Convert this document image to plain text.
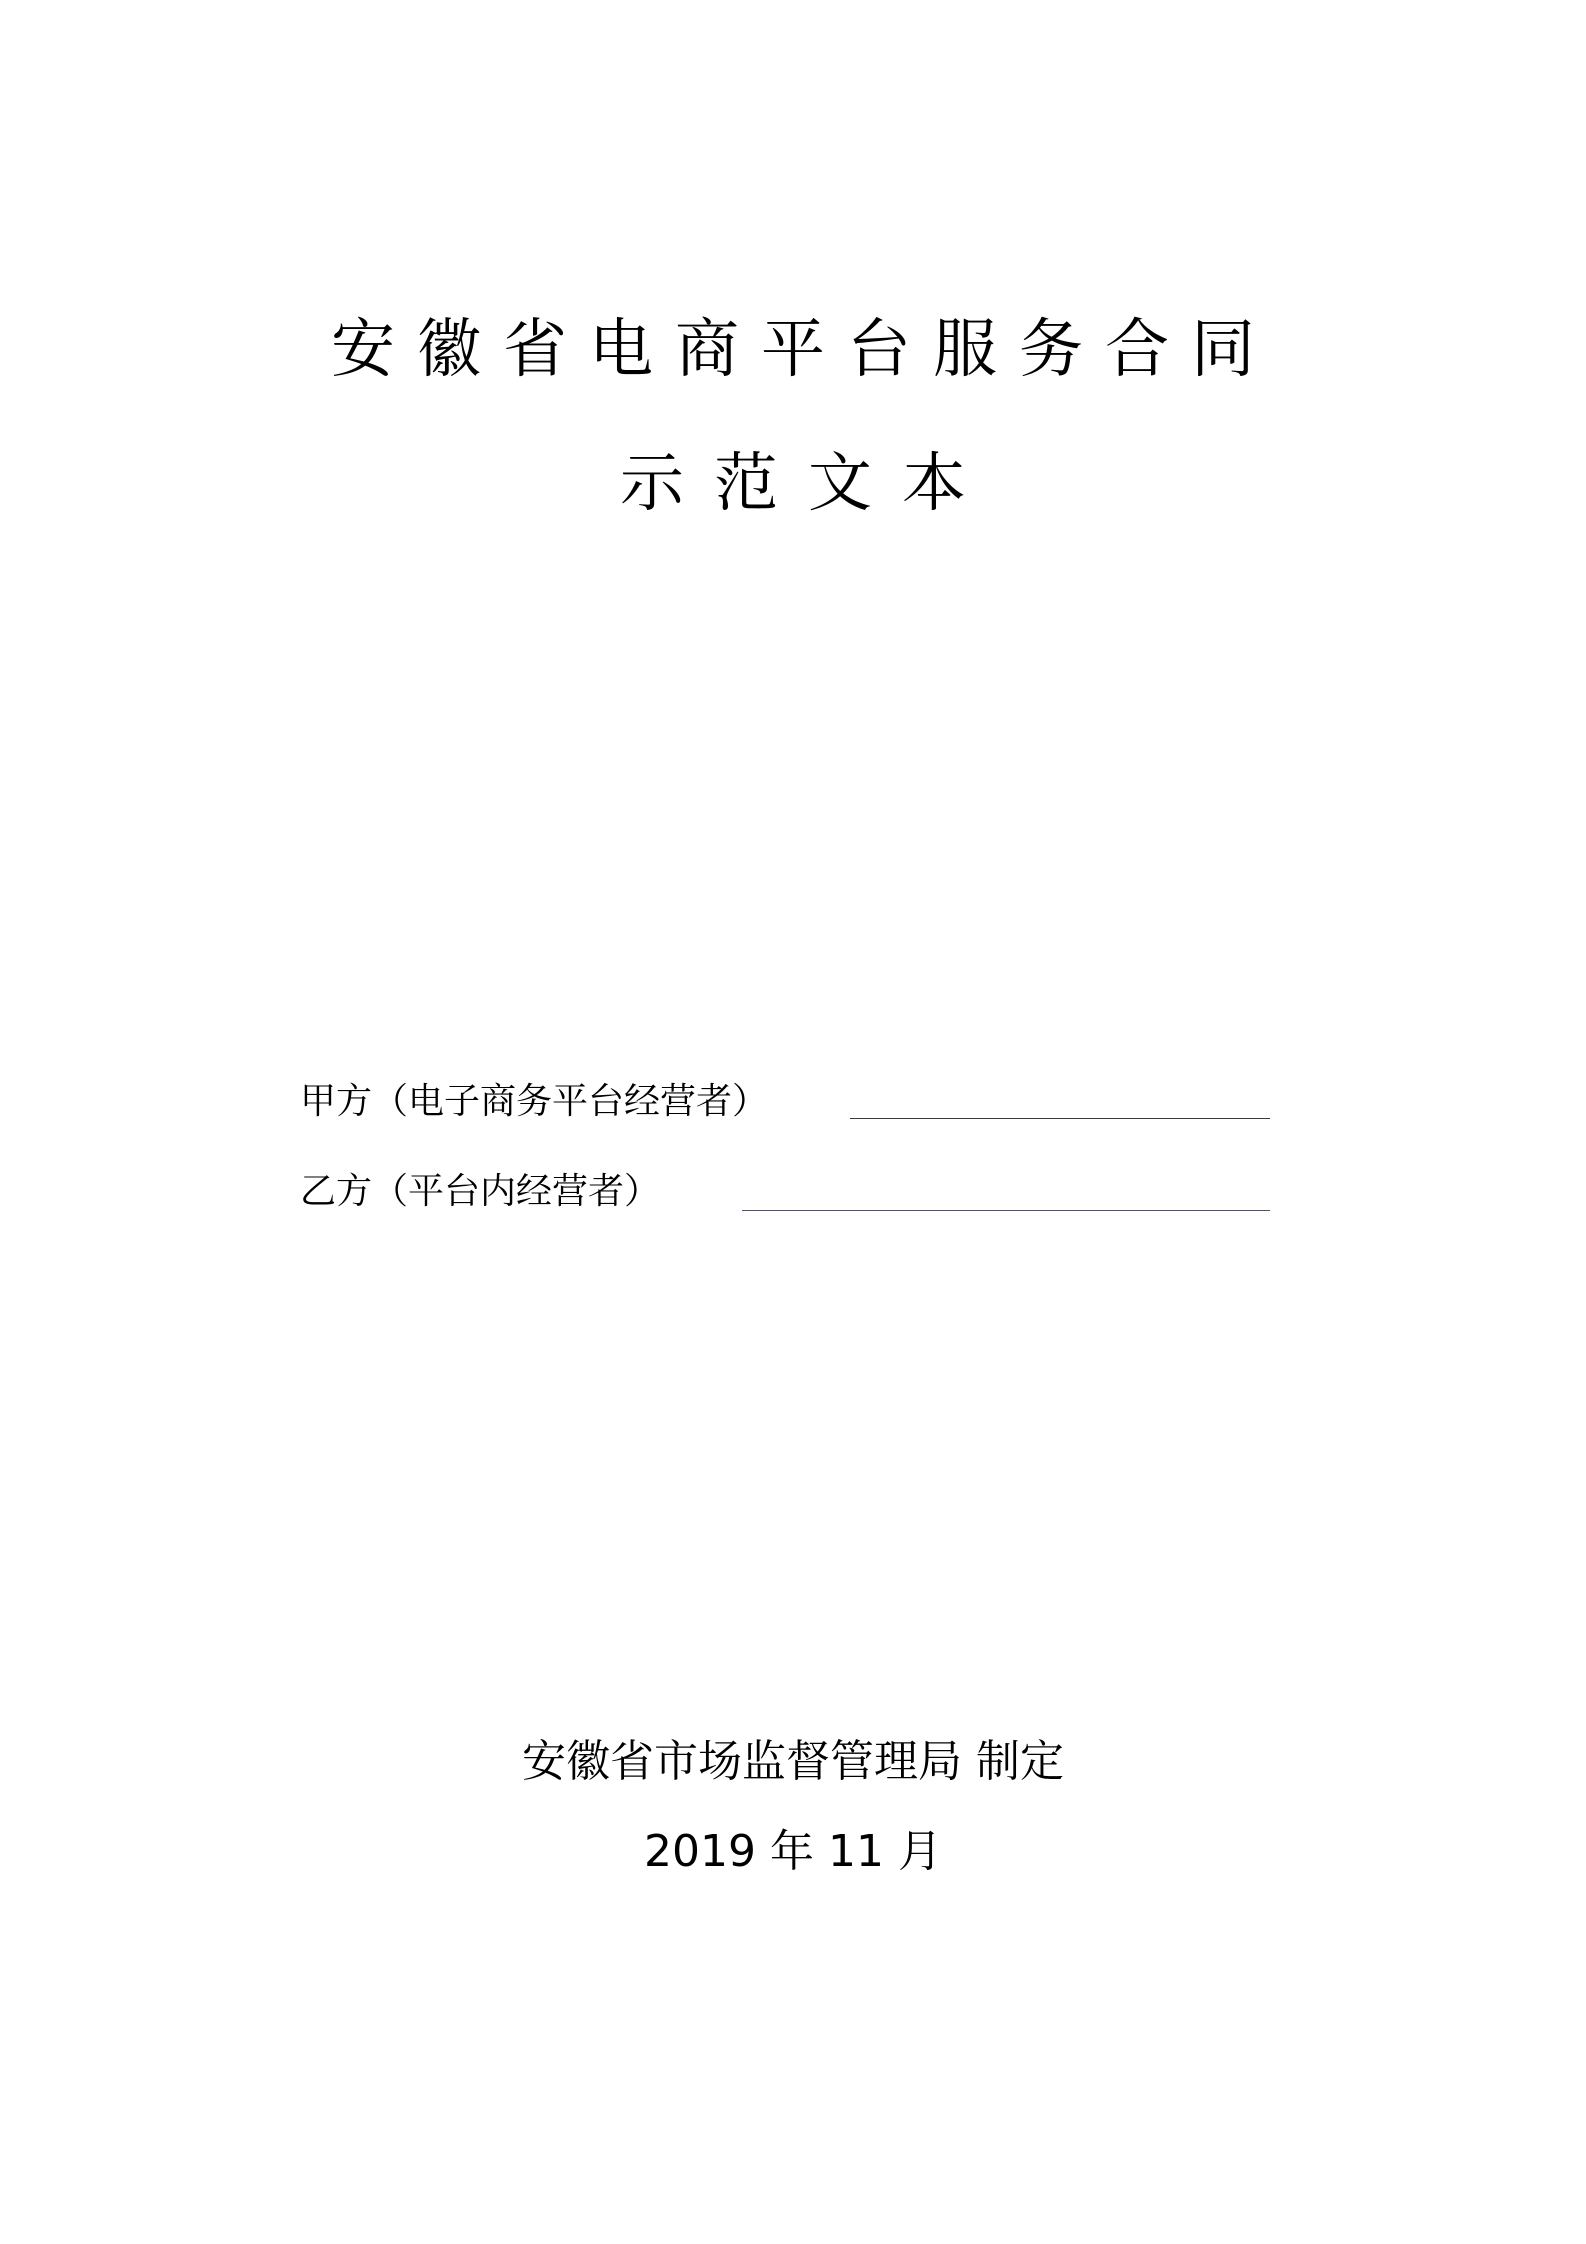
安徽省电商平台服务合同
示范文本
甲方（电子商务平台经营者）
乙方（平台内经营者）
安徽省市场监督管理局 制定
2019 年 11 月
